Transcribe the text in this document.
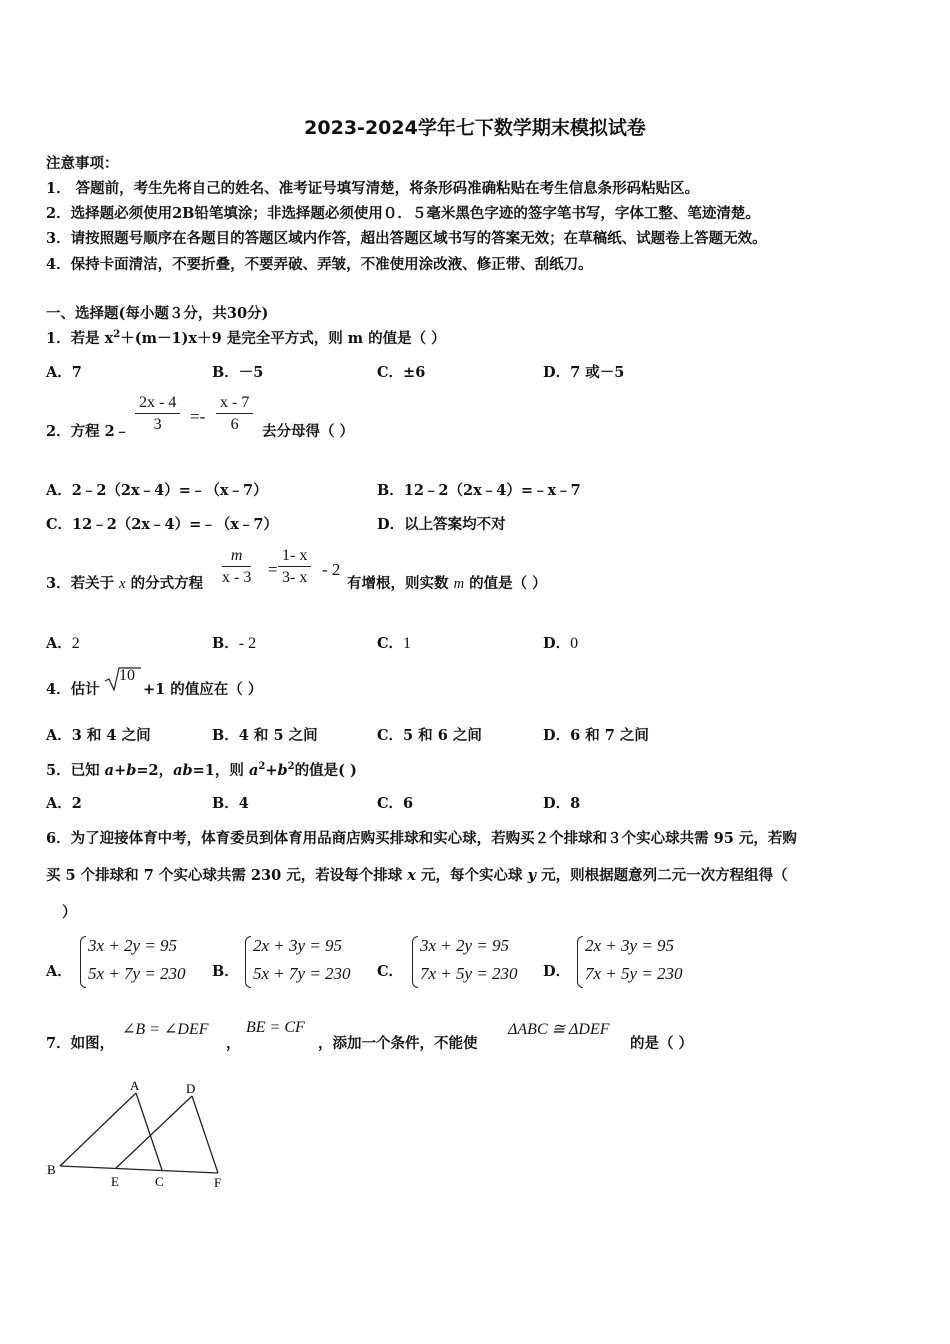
2023-2024学年七下数学期末模拟试卷
注意事项：
1． 答题前，考生先将自己的姓名、准考证号填写清楚，将条形码准确粘贴在考生信息条形码粘贴区。
2．选择题必须使用2B铅笔填涂；非选择题必须使用０．５毫米黑色字迹的签字笔书写，字体工整、笔迹清楚。
3．请按照题号顺序在各题目的答题区域内作答，超出答题区域书写的答案无效；在草稿纸、试题卷上答题无效。
4．保持卡面清洁，不要折叠，不要弄破、弄皱，不准使用涂改液、修正带、刮纸刀。
一、选择题(每小题３分，共30分)
1．若是 $x^2+(m-1)x+9$ 是完全平方式，则 m 的值是（ ）
A．7	B．－5	C．±6	D．7 或－5
2．方程 2﹣ $\frac{2x - 4}{3} =- \frac{x - 7}{6}$ 去分母得（ ）
A．2﹣2（2x﹣4）=﹣（x﹣7）	B．12﹣2（2x﹣4）=﹣x﹣7
C．12﹣2（2x﹣4）=﹣（x﹣7）	D．以上答案均不对
3．若关于 x 的分式方程 $\frac{m}{x - 3} = \frac{1- x}{3- x} - 2$
有增根，则实数 m 的值是（ ）
A．2	B．- 2	C．1	D．0
4．估计
10
+1 的值应在（ ）
A．3 和 4 之间	B．4 和 5 之间	C．5 和 6 之间	D．6 和 7 之间
5．已知 a+b=2，ab=1，则 $a^2+b^2$的值是( )
A．2	B．4	C．6	D．8
6．为了迎接体育中考，体育委员到体育用品商店购买排球和实心球，若购买２个排球和３个实心球共需 95 元，若购
买 5 个排球和 7 个实心球共需 230 元，若设每个排球 x 元，每个实心球 y 元，则根据题意列二元一次方程组得（
）
A．
3x + 2y = 95
5x + 7y = 230 B．
2x + 3y = 95
5x + 7y = 230 C．
3x + 2y = 95
7x + 5y = 230 D．
2x + 3y = 95
7x + 5y = 230
7．如图，
∠B = ∠DEF
，
BE = CF
，添加一个条件，不能使
ΔABC ≅ ΔDEF
的是（ ）
A	D
B
E	C	F
